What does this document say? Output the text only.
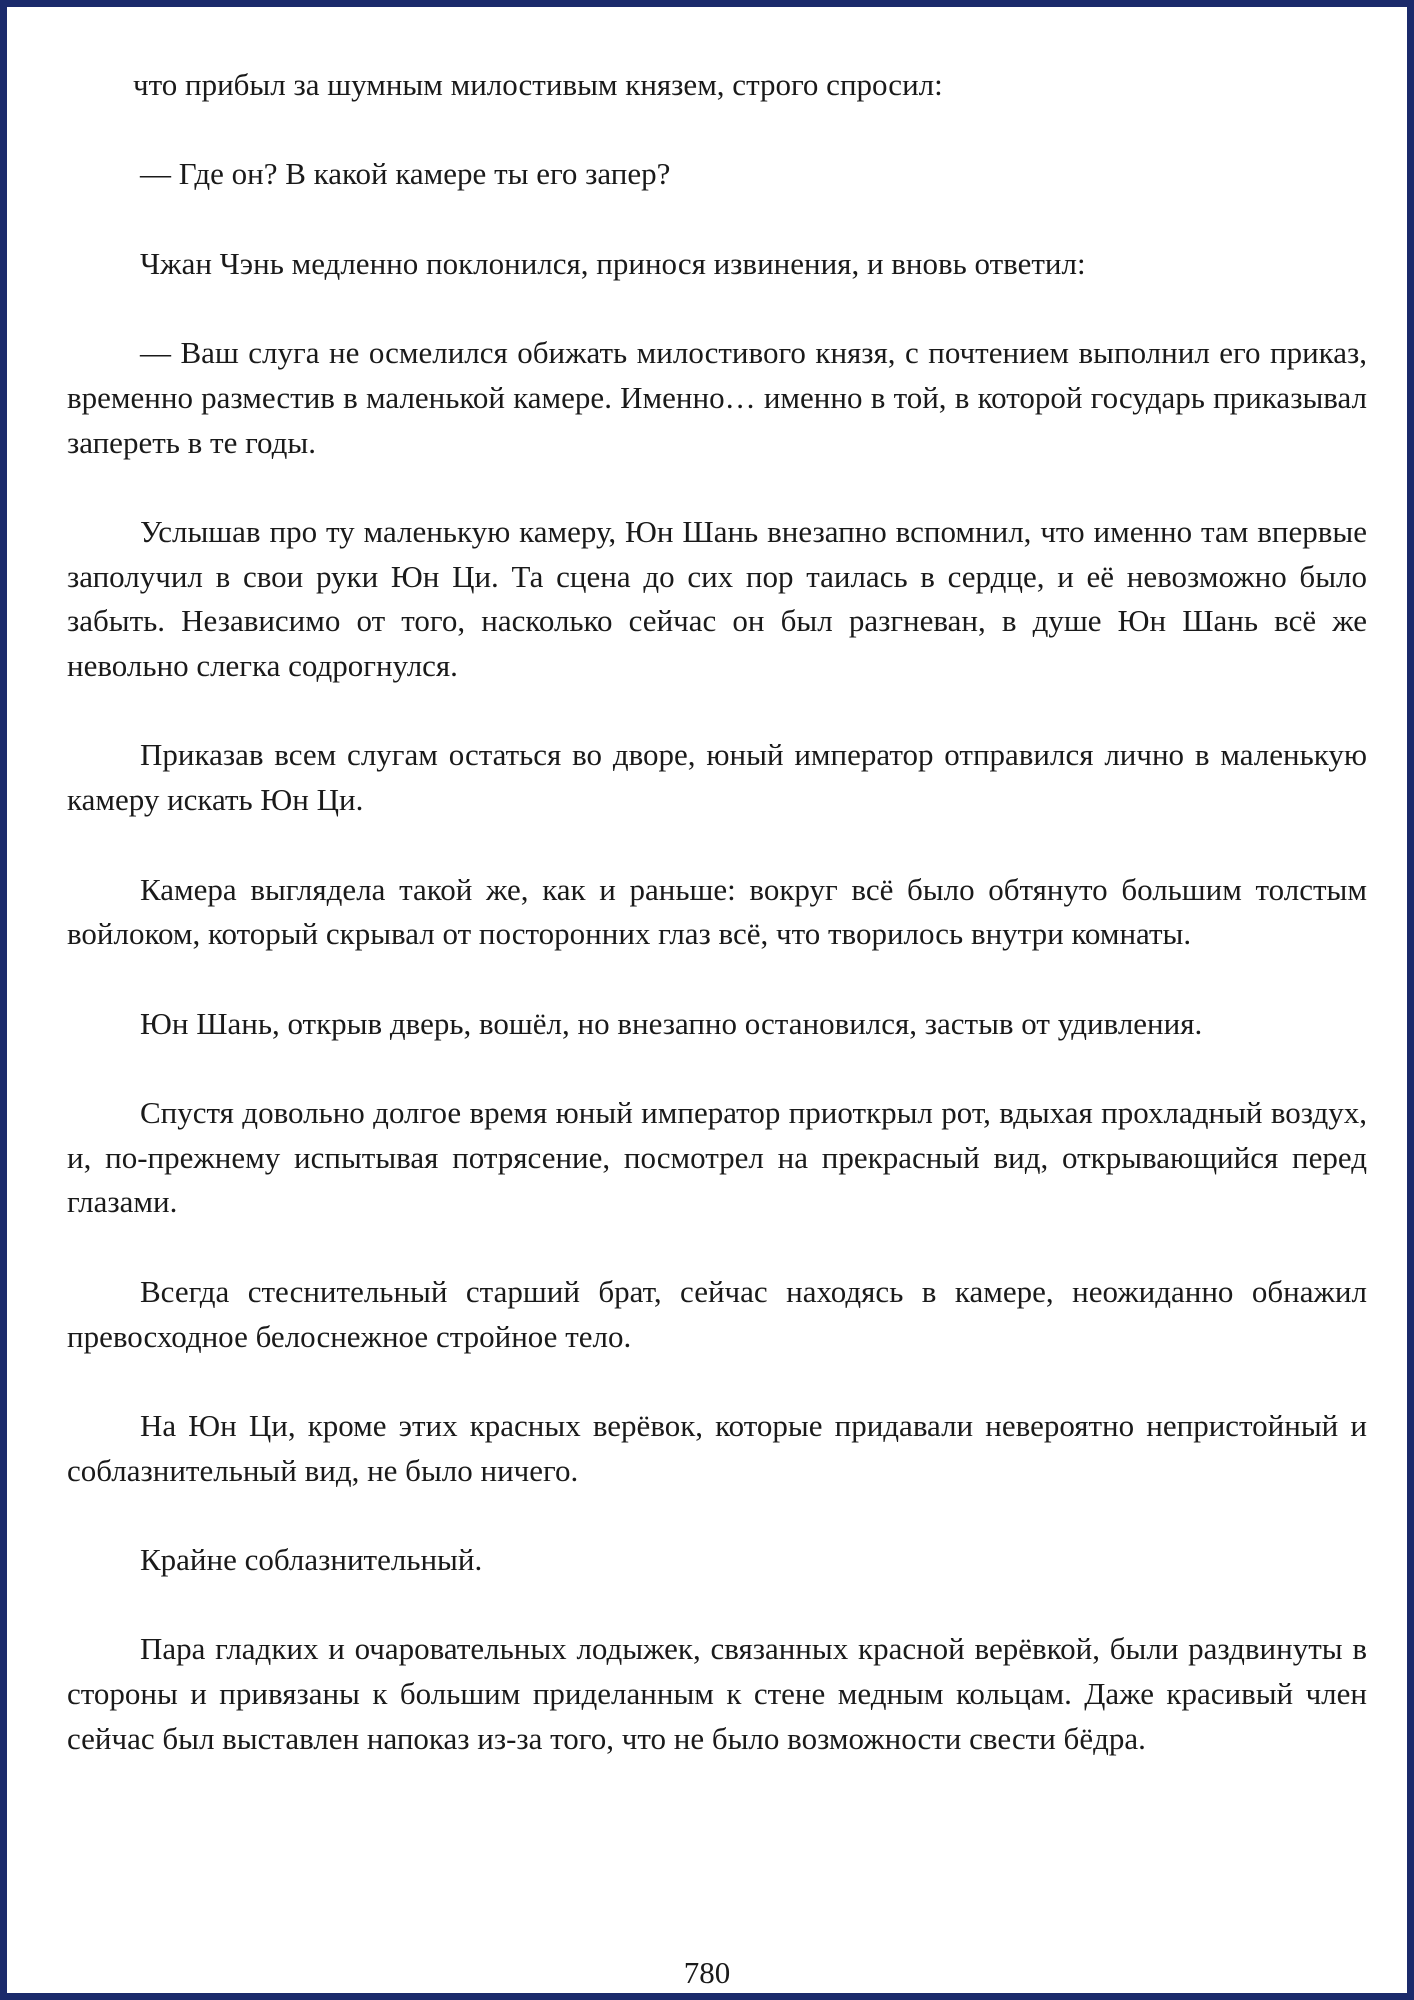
что прибыл за шумным милостивым князем, строго спросил:

— Где он? В какой камере ты его запер?

Чжан Чэнь медленно поклонился, принося извинения, и вновь ответил:

— Ваш слуга не осмелился обижать милостивого князя, с почтением выполнил его приказ, временно разместив в маленькой камере. Именно… именно в той, в которой государь приказывал запереть в те годы.

Услышав про ту маленькую камеру, Юн Шань внезапно вспомнил, что именно там впервые заполучил в свои руки Юн Ци. Та сцена до сих пор таилась в сердце, и её невозможно было забыть. Независимо от того, насколько сейчас он был разгневан, в душе Юн Шань всё же невольно слегка содрогнулся.

Приказав всем слугам остаться во дворе, юный император отправился лично в маленькую камеру искать Юн Ци.

Камера выглядела такой же, как и раньше: вокруг всё было обтянуто большим толстым войлоком, который скрывал от посторонних глаз всё, что творилось внутри комнаты.

Юн Шань, открыв дверь, вошёл, но внезапно остановился, застыв от удивления.

Спустя довольно долгое время юный император приоткрыл рот, вдыхая прохладный воздух, и, по-прежнему испытывая потрясение, посмотрел на прекрасный вид, открывающийся перед глазами.

Всегда стеснительный старший брат, сейчас находясь в камере, неожиданно обнажил превосходное белоснежное стройное тело.

На Юн Ци, кроме этих красных верёвок, которые придавали невероятно непристойный и соблазнительный вид, не было ничего.

Крайне соблазнительный.

Пара гладких и очаровательных лодыжек, связанных красной верёвкой, были раздвинуты в стороны и привязаны к большим приделанным к стене медным кольцам. Даже красивый член сейчас был выставлен напоказ из-за того, что не было возможности свести бёдра.

780
